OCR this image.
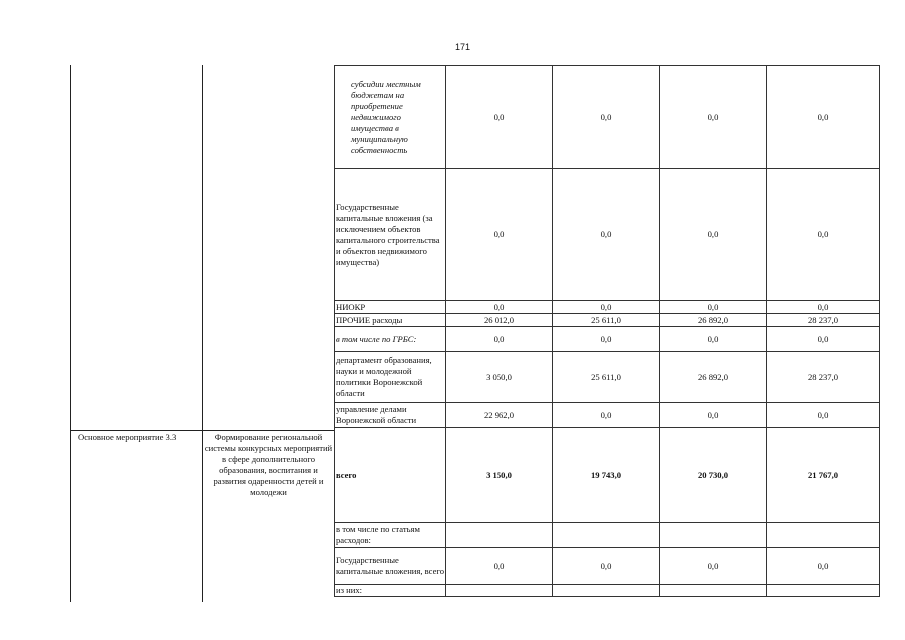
171
Основное мероприятие 3.3	Формирование региональной системы конкурсных мероприятий в сфере дополнительного образования, воспитания и развития одаренности детей и молодежи
субсидии местным бюджетам на приобретение недвижимого имущества в муниципальную собственность	0,0	0,0	0,0	0,0
Государственные капитальные вложения (за исключением объектов капитального строительства и объектов недвижимого имущества)	0,0	0,0	0,0	0,0
НИОКР	0,0	0,0	0,0	0,0
ПРОЧИЕ расходы	26 012,0	25 611,0	26 892,0	28 237,0
в том числе по ГРБС:	0,0	0,0	0,0	0,0
департамент образования, науки и молодежной политики Воронежской области	3 050,0	25 611,0	26 892,0	28 237,0
управление делами Воронежской области	22 962,0	0,0	0,0	0,0
всего	3 150,0	19 743,0	20 730,0	21 767,0
в том числе по статьям расходов:				
Государственные капитальные вложения, всего	0,0	0,0	0,0	0,0
из них:				
